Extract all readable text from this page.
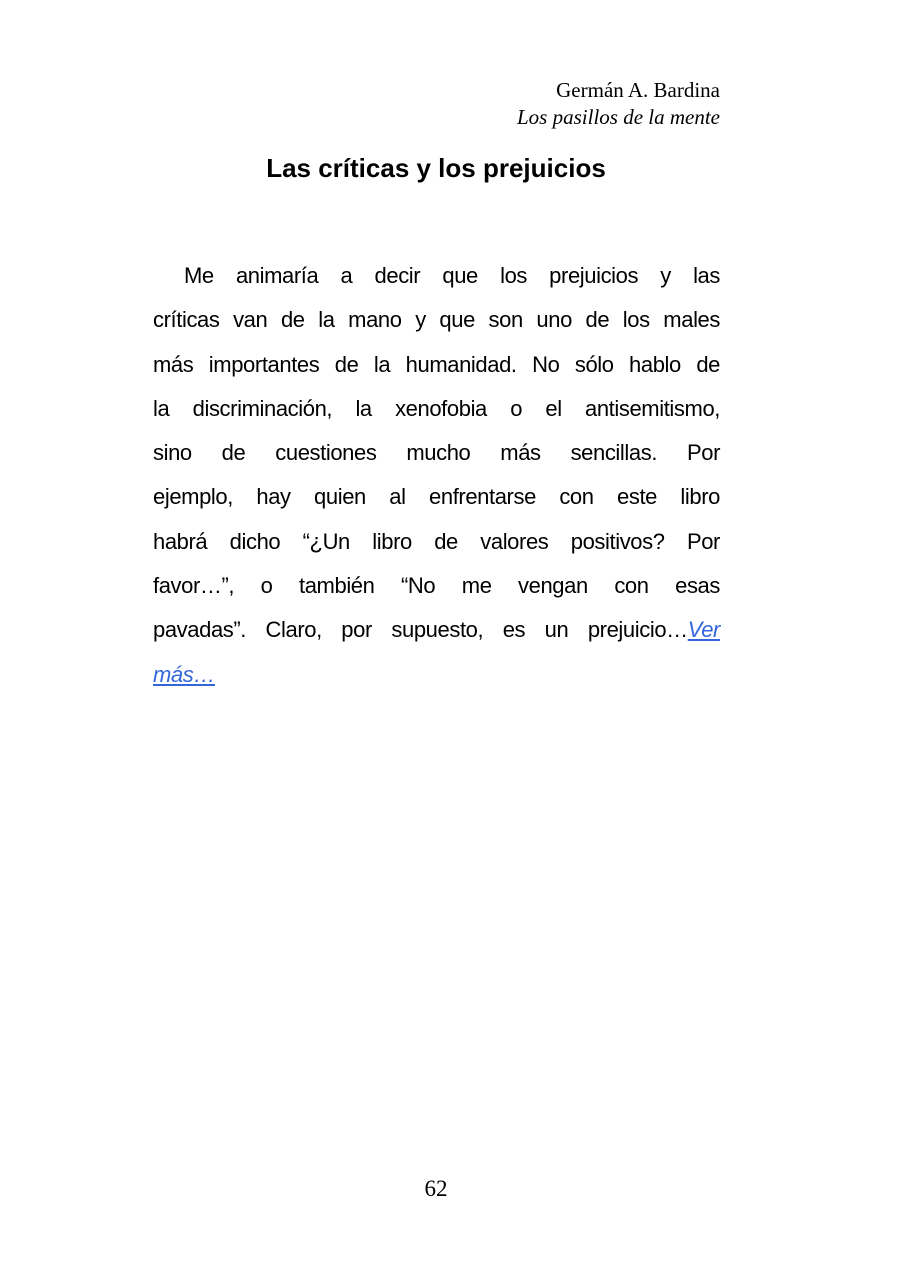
Germán A. Bardina
Los pasillos de la mente
Las críticas y los prejuicios
Me animaría a decir que los prejuicios y las
críticas van de la mano y que son uno de los males
más importantes de la humanidad. No sólo hablo de
la discriminación, la xenofobia o el antisemitismo,
sino de cuestiones mucho más sencillas. Por
ejemplo, hay quien al enfrentarse con este libro
habrá dicho “¿Un libro de valores positivos? Por
favor…”, o también “No me vengan con esas
pavadas”. Claro, por supuesto, es un prejuicio…Ver
más…
62
